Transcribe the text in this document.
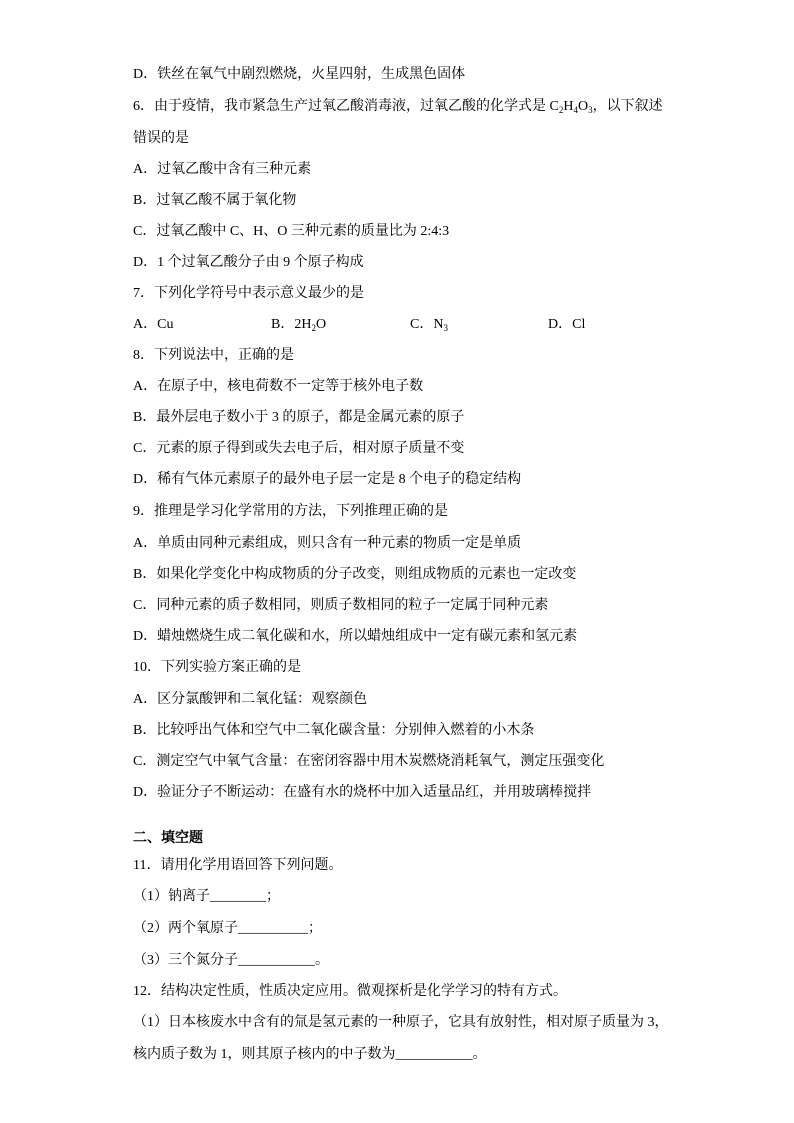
D．铁丝在氧气中剧烈燃烧，火星四射，生成黑色固体
6．由于疫情，我市紧急生产过氧乙酸消毒液，过氧乙酸的化学式是 $C_2H_4O_3$，以下叙述
错误的是
A．过氧乙酸中含有三种元素
B．过氧乙酸不属于氧化物
C．过氧乙酸中 C、H、O 三种元素的质量比为 2:4:3
D．1 个过氧乙酸分子由 9 个原子构成
7．下列化学符号中表示意义最少的是
A．Cu	B．$2H_2O$	C．$N_3$	D．Cl
8．下列说法中，正确的是
A．在原子中，核电荷数不一定等于核外电子数
B．最外层电子数小于 3 的原子，都是金属元素的原子
C．元素的原子得到或失去电子后，相对原子质量不变
D．稀有气体元素原子的最外电子层一定是 8 个电子的稳定结构
9．推理是学习化学常用的方法，下列推理正确的是
A．单质由同种元素组成，则只含有一种元素的物质一定是单质
B．如果化学变化中构成物质的分子改变，则组成物质的元素也一定改变
C．同种元素的质子数相同，则质子数相同的粒子一定属于同种元素
D．蜡烛燃烧生成二氧化碳和水，所以蜡烛组成中一定有碳元素和氢元素
10．下列实验方案正确的是
A．区分氯酸钾和二氧化锰：观察颜色
B．比较呼出气体和空气中二氧化碳含量：分别伸入燃着的小木条
C．测定空气中氧气含量：在密闭容器中用木炭燃烧消耗氧气，测定压强变化
D．验证分子不断运动：在盛有水的烧杯中加入适量品红，并用玻璃棒搅拌
二、填空题
11．请用化学用语回答下列问题。
（1）钠离子________；
（2）两个氧原子__________；
（3）三个氮分子___________。
12．结构决定性质，性质决定应用。微观探析是化学学习的特有方式。
（1）日本核废水中含有的氚是氢元素的一种原子，它具有放射性，相对原子质量为 3，
核内质子数为 1，则其原子核内的中子数为___________。
